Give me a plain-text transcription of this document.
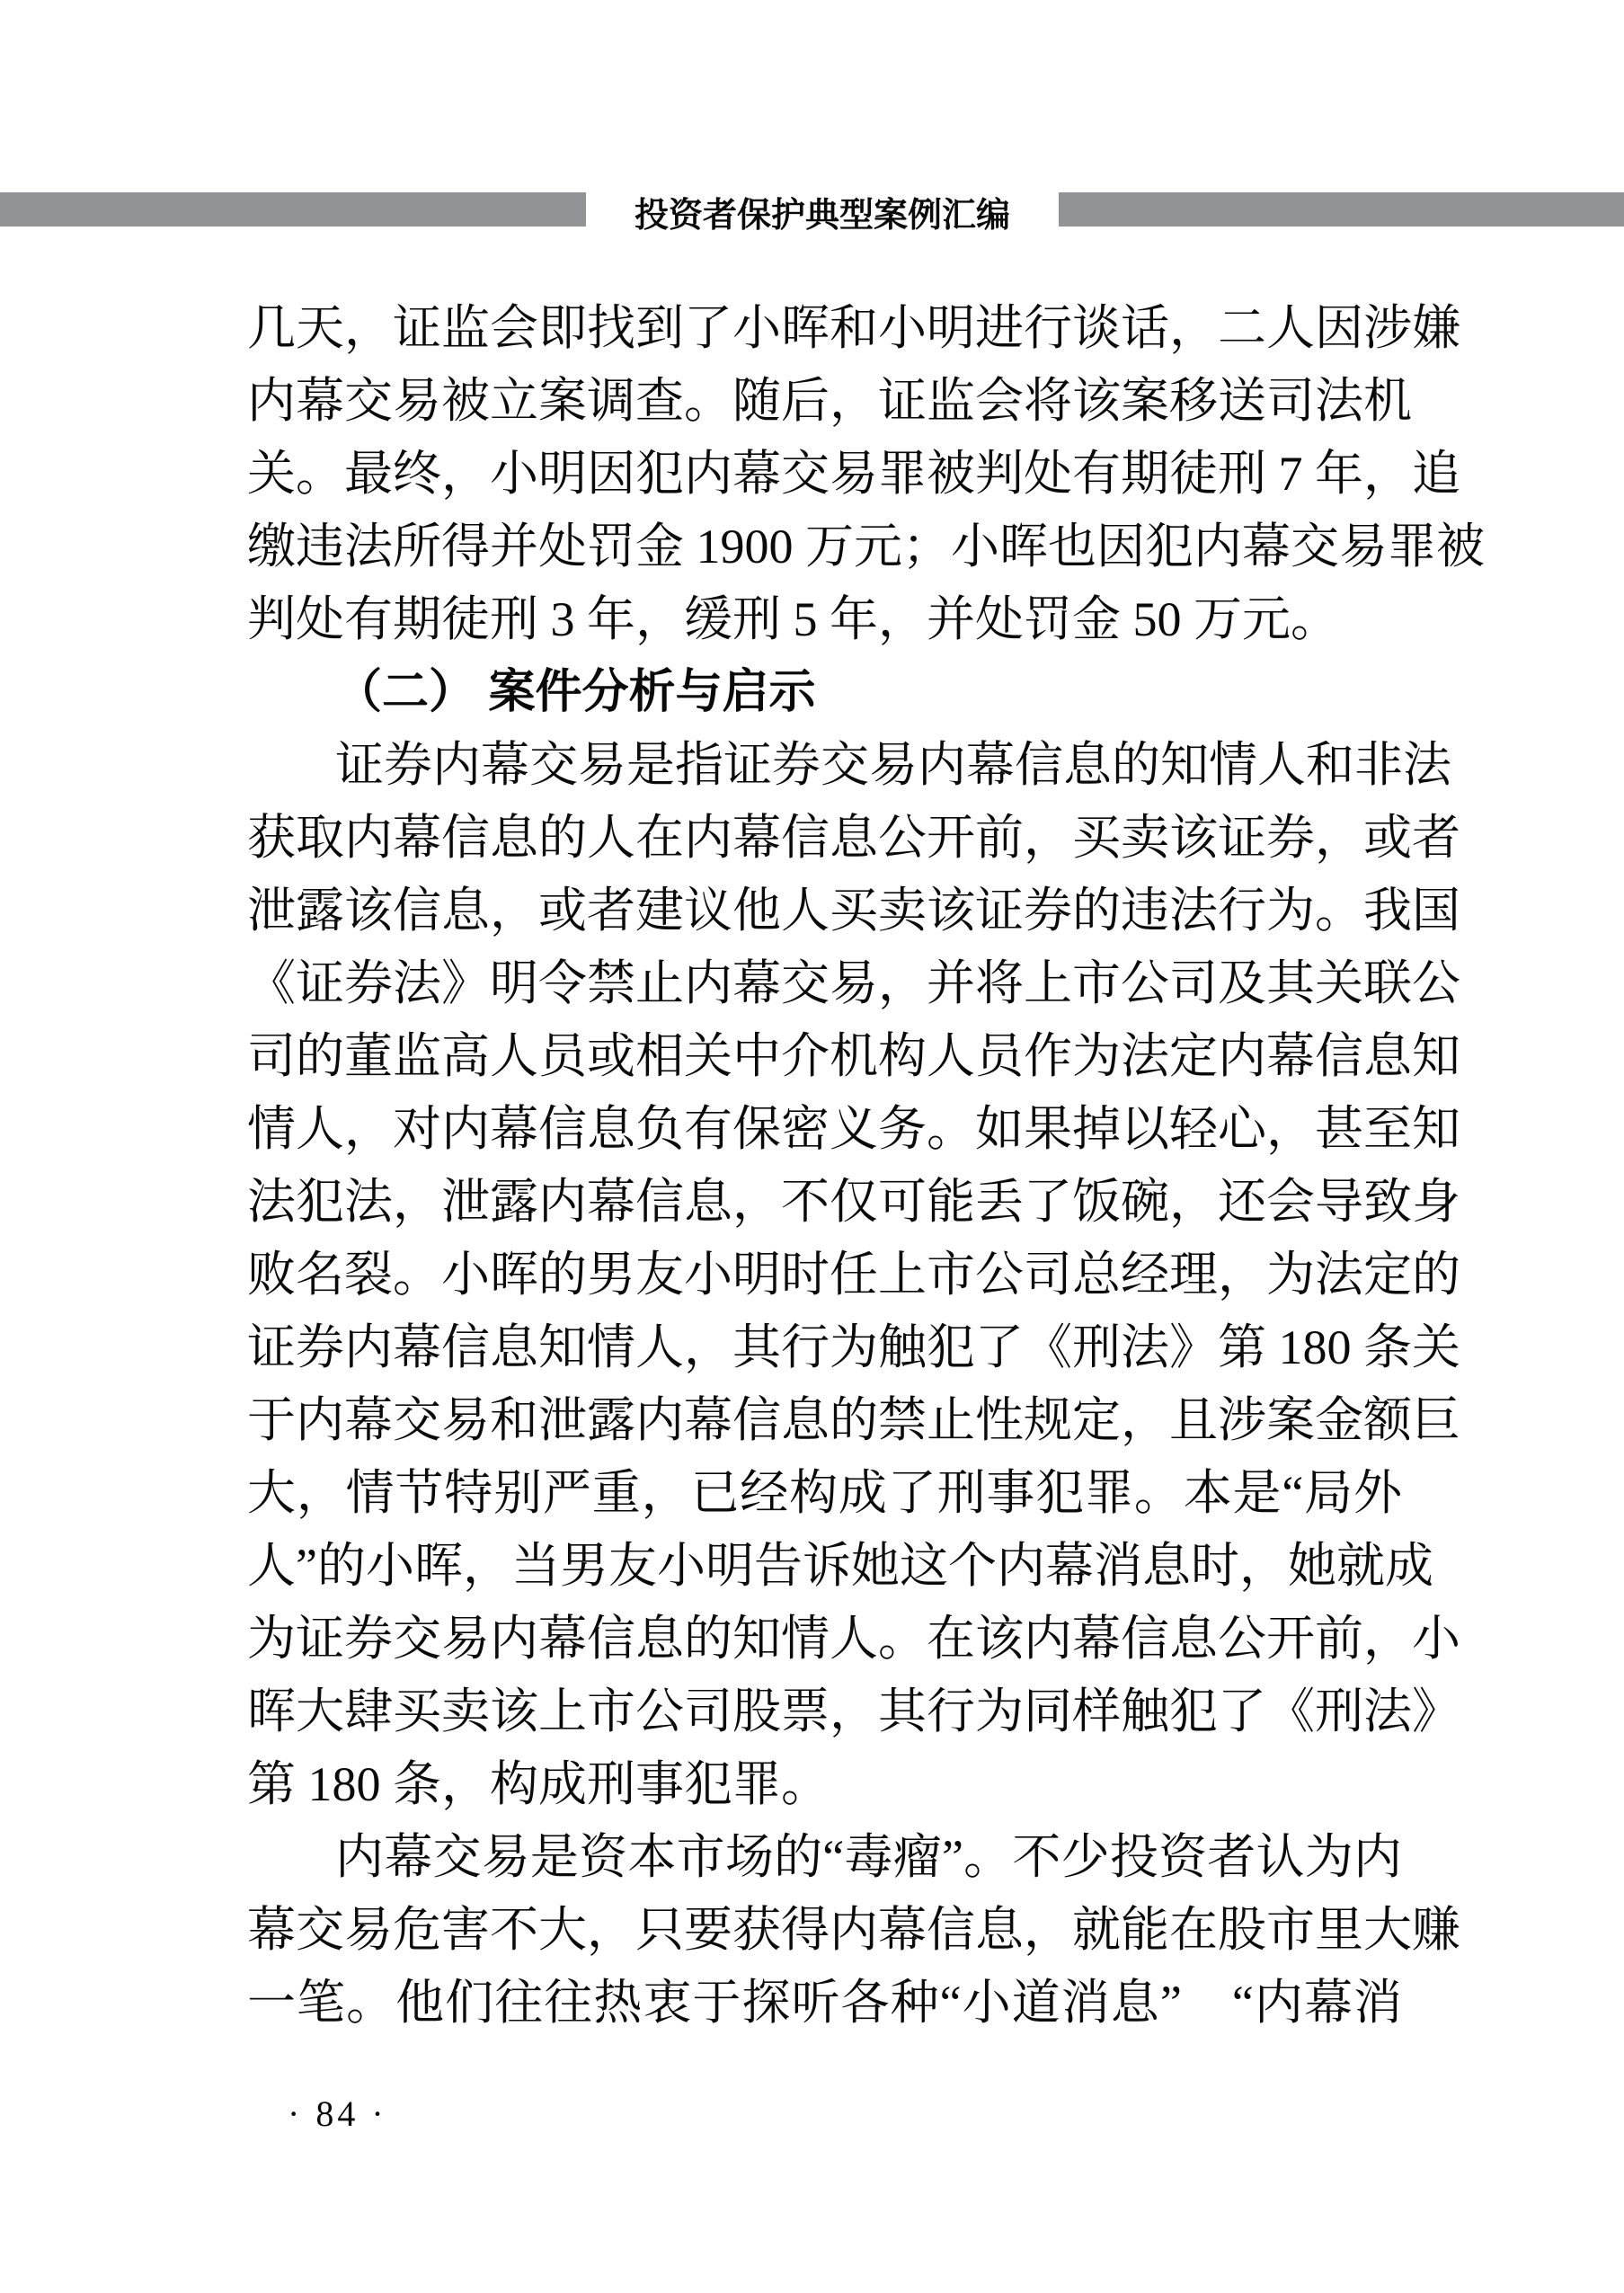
投资者保护典型案例汇编
几天，证监会即找到了小晖和小明进行谈话，二人因涉嫌
内幕交易被立案调查。随后，证监会将该案移送司法机
关。最终，小明因犯内幕交易罪被判处有期徒刑 7 年，追
缴违法所得并处罚金 1900 万元；小晖也因犯内幕交易罪被
判处有期徒刑 3 年，缓刑 5 年，并处罚金 50 万元。
（二） 案件分析与启示
证券内幕交易是指证券交易内幕信息的知情人和非法
获取内幕信息的人在内幕信息公开前，买卖该证券，或者
泄露该信息，或者建议他人买卖该证券的违法行为。我国
《证券法》明令禁止内幕交易，并将上市公司及其关联公
司的董监高人员或相关中介机构人员作为法定内幕信息知
情人，对内幕信息负有保密义务。如果掉以轻心，甚至知
法犯法，泄露内幕信息，不仅可能丢了饭碗，还会导致身
败名裂。小晖的男友小明时任上市公司总经理，为法定的
证券内幕信息知情人，其行为触犯了《刑法》第 180 条关
于内幕交易和泄露内幕信息的禁止性规定，且涉案金额巨
大，情节特别严重，已经构成了刑事犯罪。本是“局外
人”的小晖，当男友小明告诉她这个内幕消息时，她就成
为证券交易内幕信息的知情人。在该内幕信息公开前，小
晖大肆买卖该上市公司股票，其行为同样触犯了《刑法》
第 180 条，构成刑事犯罪。
内幕交易是资本市场的“毒瘤”。不少投资者认为内
幕交易危害不大，只要获得内幕信息，就能在股市里大赚
一笔。他们往往热衷于探听各种“小道消息”　“内幕消
· 84 ·
